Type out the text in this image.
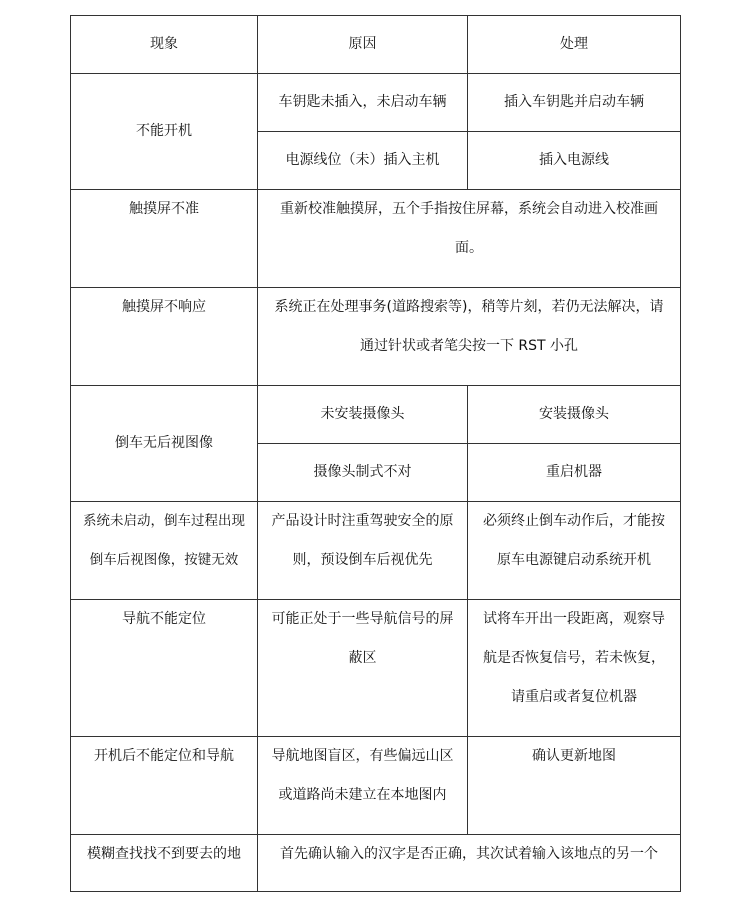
现象	原因	处理
不能开机	车钥匙未插入，未启动车辆	插入车钥匙并启动车辆
	电源线位（未）插入主机	插入电源线
触摸屏不准	重新校准触摸屏，五个手指按住屏幕，系统会自动进入校准画面。	
触摸屏不响应	系统正在处理事务(道路搜索等)，稍等片刻，若仍无法解决，请通过针状或者笔尖按一下 RST 小孔	
倒车无后视图像	未安装摄像头	安装摄像头
	摄像头制式不对	重启机器
系统未启动，倒车过程出现倒车后视图像，按键无效	产品设计时注重驾驶安全的原则，预设倒车后视优先	必须终止倒车动作后，才能按原车电源键启动系统开机
导航不能定位	可能正处于一些导航信号的屏蔽区	试将车开出一段距离，观察导航是否恢复信号，若未恢复，请重启或者复位机器
开机后不能定位和导航	导航地图盲区，有些偏远山区或道路尚未建立在本地图内	确认更新地图
模糊查找找不到要去的地	首先确认输入的汉字是否正确，其次试着输入该地点的另一个	
